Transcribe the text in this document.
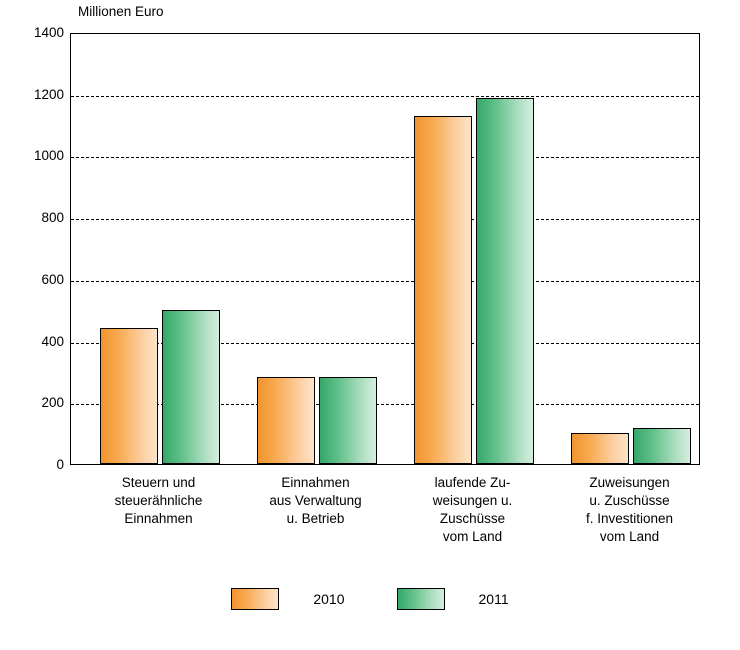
Millionen Euro
1400
1200
1000
800
600
400
200
0
Steuern und
steuerähnliche
Einnahmen
Einnahmen
aus Verwaltung
u. Betrieb
laufende Zu-
weisungen u.
Zuschüsse
vom Land
Zuweisungen
u. Zuschüsse
f. Investitionen
vom Land
2010	2011
